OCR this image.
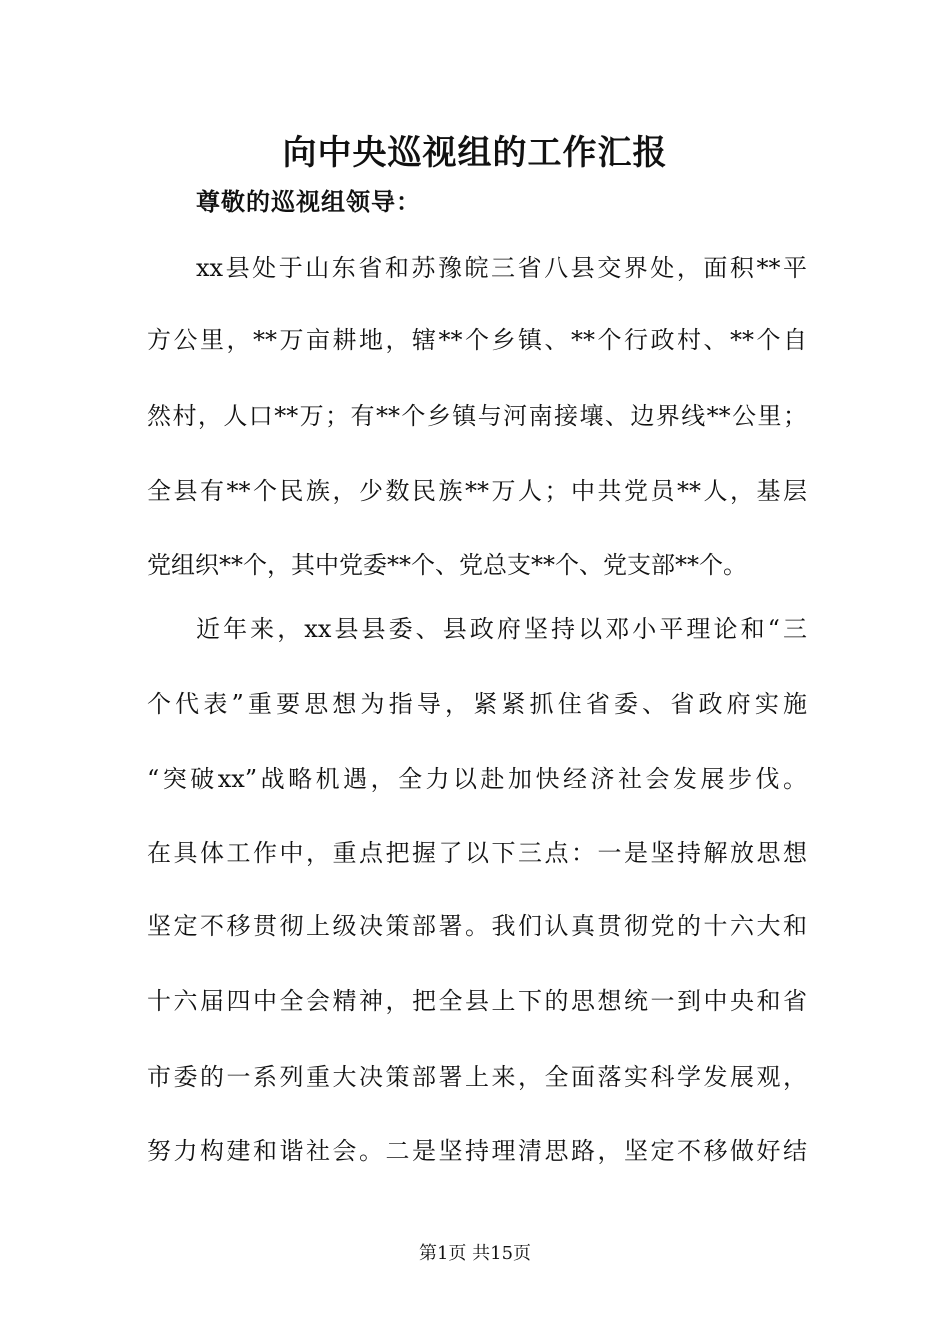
向中央巡视组的工作汇报
尊敬的巡视组领导：
xx县处于山东省和苏豫皖三省八县交界处，面积**平
方公里，**万亩耕地，辖**个乡镇、**个行政村、**个自
然村，人口**万；有**个乡镇与河南接壤、边界线**公里；
全县有**个民族，少数民族**万人；中共党员**人，基层
党组织**个，其中党委**个、党总支**个、党支部**个。
近年来，xx县县委、县政府坚持以邓小平理论和“三
个代表”重要思想为指导，紧紧抓住省委、省政府实施
“突破xx”战略机遇，全力以赴加快经济社会发展步伐。
在具体工作中，重点把握了以下三点：一是坚持解放思想
坚定不移贯彻上级决策部署。我们认真贯彻党的十六大和
十六届四中全会精神，把全县上下的思想统一到中央和省
市委的一系列重大决策部署上来，全面落实科学发展观，
努力构建和谐社会。二是坚持理清思路，坚定不移做好结
第1页 共15页
